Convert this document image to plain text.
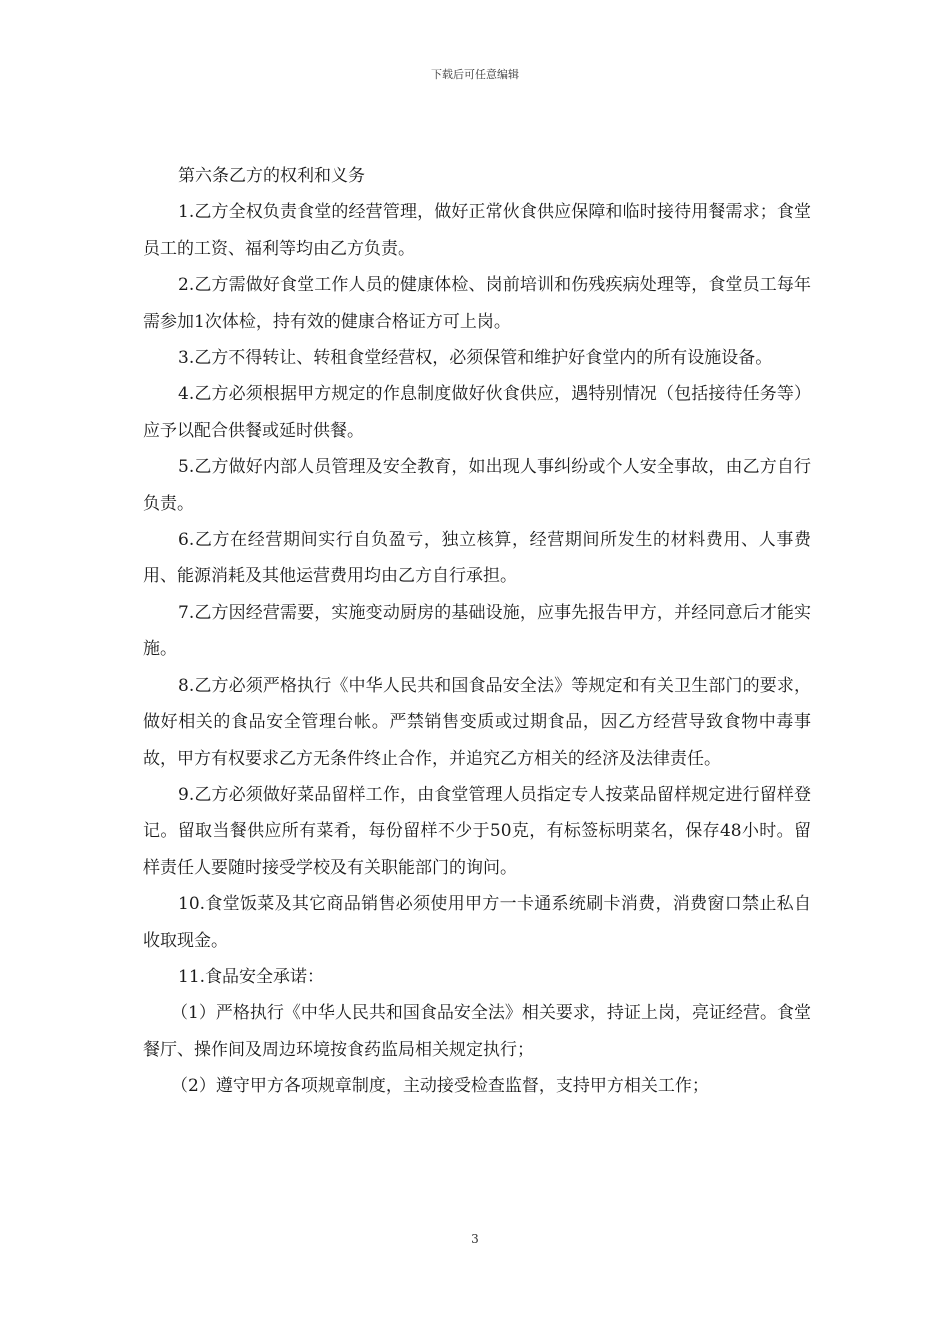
下载后可任意编辑

第六条乙方的权利和义务

1.乙方全权负责食堂的经营管理，做好正常伙食供应保障和临时接待用餐需求；食堂员工的工资、福利等均由乙方负责。

2.乙方需做好食堂工作人员的健康体检、岗前培训和伤残疾病处理等，食堂员工每年需参加1次体检，持有效的健康合格证方可上岗。

3.乙方不得转让、转租食堂经营权，必须保管和维护好食堂内的所有设施设备。

4.乙方必须根据甲方规定的作息制度做好伙食供应，遇特别情况（包括接待任务等）应予以配合供餐或延时供餐。

5.乙方做好内部人员管理及安全教育，如出现人事纠纷或个人安全事故，由乙方自行负责。

6.乙方在经营期间实行自负盈亏，独立核算，经营期间所发生的材料费用、人事费用、能源消耗及其他运营费用均由乙方自行承担。

7.乙方因经营需要，实施变动厨房的基础设施，应事先报告甲方，并经同意后才能实施。

8.乙方必须严格执行《中华人民共和国食品安全法》等规定和有关卫生部门的要求，做好相关的食品安全管理台帐。严禁销售变质或过期食品，因乙方经营导致食物中毒事故，甲方有权要求乙方无条件终止合作，并追究乙方相关的经济及法律责任。

9.乙方必须做好菜品留样工作，由食堂管理人员指定专人按菜品留样规定进行留样登记。留取当餐供应所有菜肴，每份留样不少于50克，有标签标明菜名，保存48小时。留样责任人要随时接受学校及有关职能部门的询问。

10.食堂饭菜及其它商品销售必须使用甲方一卡通系统刷卡消费，消费窗口禁止私自收取现金。

11.食品安全承诺：

（1）严格执行《中华人民共和国食品安全法》相关要求，持证上岗，亮证经营。食堂餐厅、操作间及周边环境按食药监局相关规定执行；

（2）遵守甲方各项规章制度，主动接受检查监督，支持甲方相关工作；

3
